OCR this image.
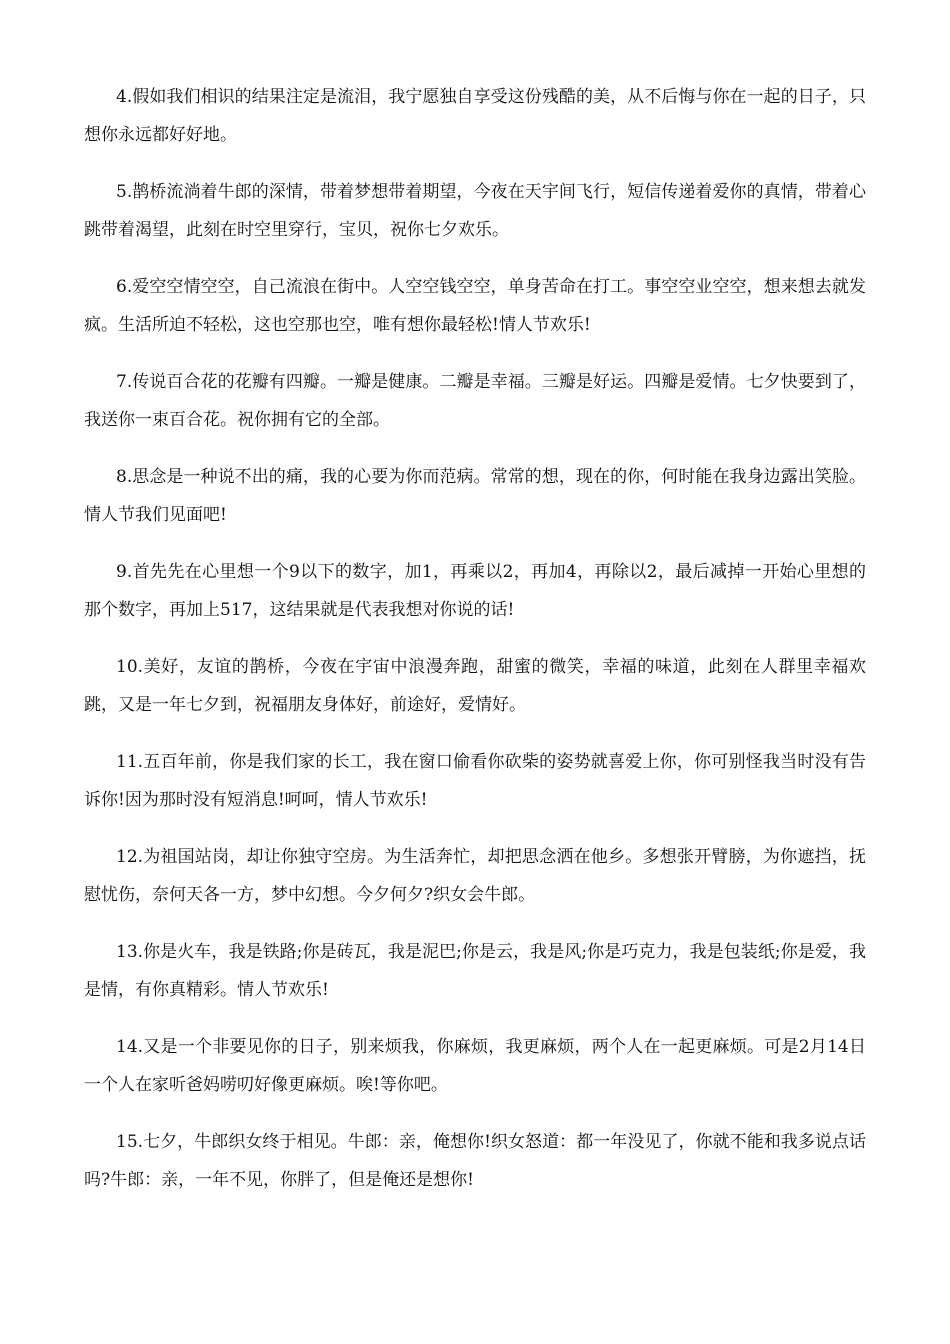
4.假如我们相识的结果注定是流泪，我宁愿独自享受这份残酷的美，从不后悔与你在一起的日子，只想你永远都好好地。

5.鹊桥流淌着牛郎的深情，带着梦想带着期望，今夜在天宇间飞行，短信传递着爱你的真情，带着心跳带着渴望，此刻在时空里穿行，宝贝，祝你七夕欢乐。

6.爱空空情空空，自己流浪在街中。人空空钱空空，单身苦命在打工。事空空业空空，想来想去就发疯。生活所迫不轻松，这也空那也空，唯有想你最轻松!情人节欢乐!

7.传说百合花的花瓣有四瓣。一瓣是健康。二瓣是幸福。三瓣是好运。四瓣是爱情。七夕快要到了，我送你一束百合花。祝你拥有它的全部。

8.思念是一种说不出的痛，我的心要为你而范病。常常的想，现在的你，何时能在我身边露出笑脸。情人节我们见面吧!

9.首先先在心里想一个9以下的数字，加1，再乘以2，再加4，再除以2，最后减掉一开始心里想的那个数字，再加上517，这结果就是代表我想对你说的话!

10.美好，友谊的鹊桥，今夜在宇宙中浪漫奔跑，甜蜜的微笑，幸福的味道，此刻在人群里幸福欢跳，又是一年七夕到，祝福朋友身体好，前途好，爱情好。

11.五百年前，你是我们家的长工，我在窗口偷看你砍柴的姿势就喜爱上你，你可别怪我当时没有告诉你!因为那时没有短消息!呵呵，情人节欢乐!

12.为祖国站岗，却让你独守空房。为生活奔忙，却把思念洒在他乡。多想张开臂膀，为你遮挡，抚慰忧伤，奈何天各一方，梦中幻想。今夕何夕?织女会牛郎。

13.你是火车，我是铁路;你是砖瓦，我是泥巴;你是云，我是风;你是巧克力，我是包装纸;你是爱，我是情，有你真精彩。情人节欢乐!

14.又是一个非要见你的日子，别来烦我，你麻烦，我更麻烦，两个人在一起更麻烦。可是2月14日一个人在家听爸妈唠叨好像更麻烦。唉!等你吧。

15.七夕，牛郎织女终于相见。牛郎：亲，俺想你!织女怒道：都一年没见了，你就不能和我多说点话吗?牛郎：亲，一年不见，你胖了，但是俺还是想你!
